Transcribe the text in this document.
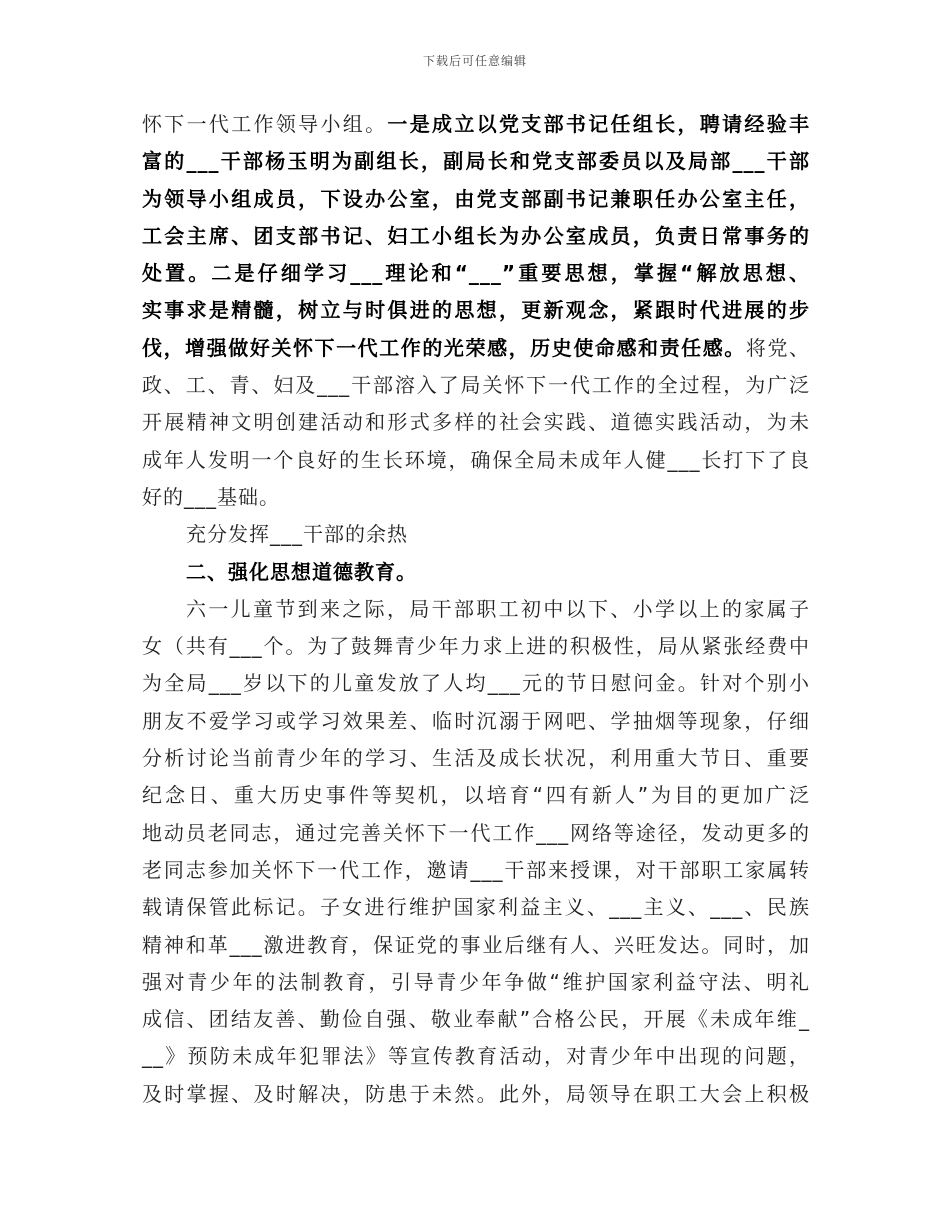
下载后可任意编辑
怀下一代工作领导小组。一是成立以党支部书记任组长，聘请经验丰
富的___干部杨玉明为副组长，副局长和党支部委员以及局部___干部
为领导小组成员，下设办公室，由党支部副书记兼职任办公室主任，
工会主席、团支部书记、妇工小组长为办公室成员，负责日常事务的
处置。二是仔细学习___理论和“___”重要思想，掌握“解放思想、
实事求是精髓，树立与时俱进的思想，更新观念，紧跟时代进展的步
伐，增强做好关怀下一代工作的光荣感，历史使命感和责任感。将党、
政、工、青、妇及___干部溶入了局关怀下一代工作的全过程，为广泛
开展精神文明创建活动和形式多样的社会实践、道德实践活动，为未
成年人发明一个良好的生长环境，确保全局未成年人健___长打下了良
好的___基础。
充分发挥___干部的余热
二、强化思想道德教育。
六一儿童节到来之际，局干部职工初中以下、小学以上的家属子
女（共有___个。为了鼓舞青少年力求上进的积极性，局从紧张经费中
为全局___岁以下的儿童发放了人均___元的节日慰问金。针对个别小
朋友不爱学习或学习效果差、临时沉溺于网吧、学抽烟等现象，仔细
分析讨论当前青少年的学习、生活及成长状况，利用重大节日、重要
纪念日、重大历史事件等契机，以培育“四有新人”为目的更加广泛
地动员老同志，通过完善关怀下一代工作___网络等途径，发动更多的
老同志参加关怀下一代工作，邀请___干部来授课，对干部职工家属转
载请保管此标记。子女进行维护国家利益主义、___主义、___、民族
精神和革___激进教育，保证党的事业后继有人、兴旺发达。同时，加
强对青少年的法制教育，引导青少年争做“维护国家利益守法、明礼
成信、团结友善、勤俭自强、敬业奉献”合格公民，开展《未成年维_
__》预防未成年犯罪法》等宣传教育活动，对青少年中出现的问题，
及时掌握、及时解决，防患于未然。此外，局领导在职工大会上积极
